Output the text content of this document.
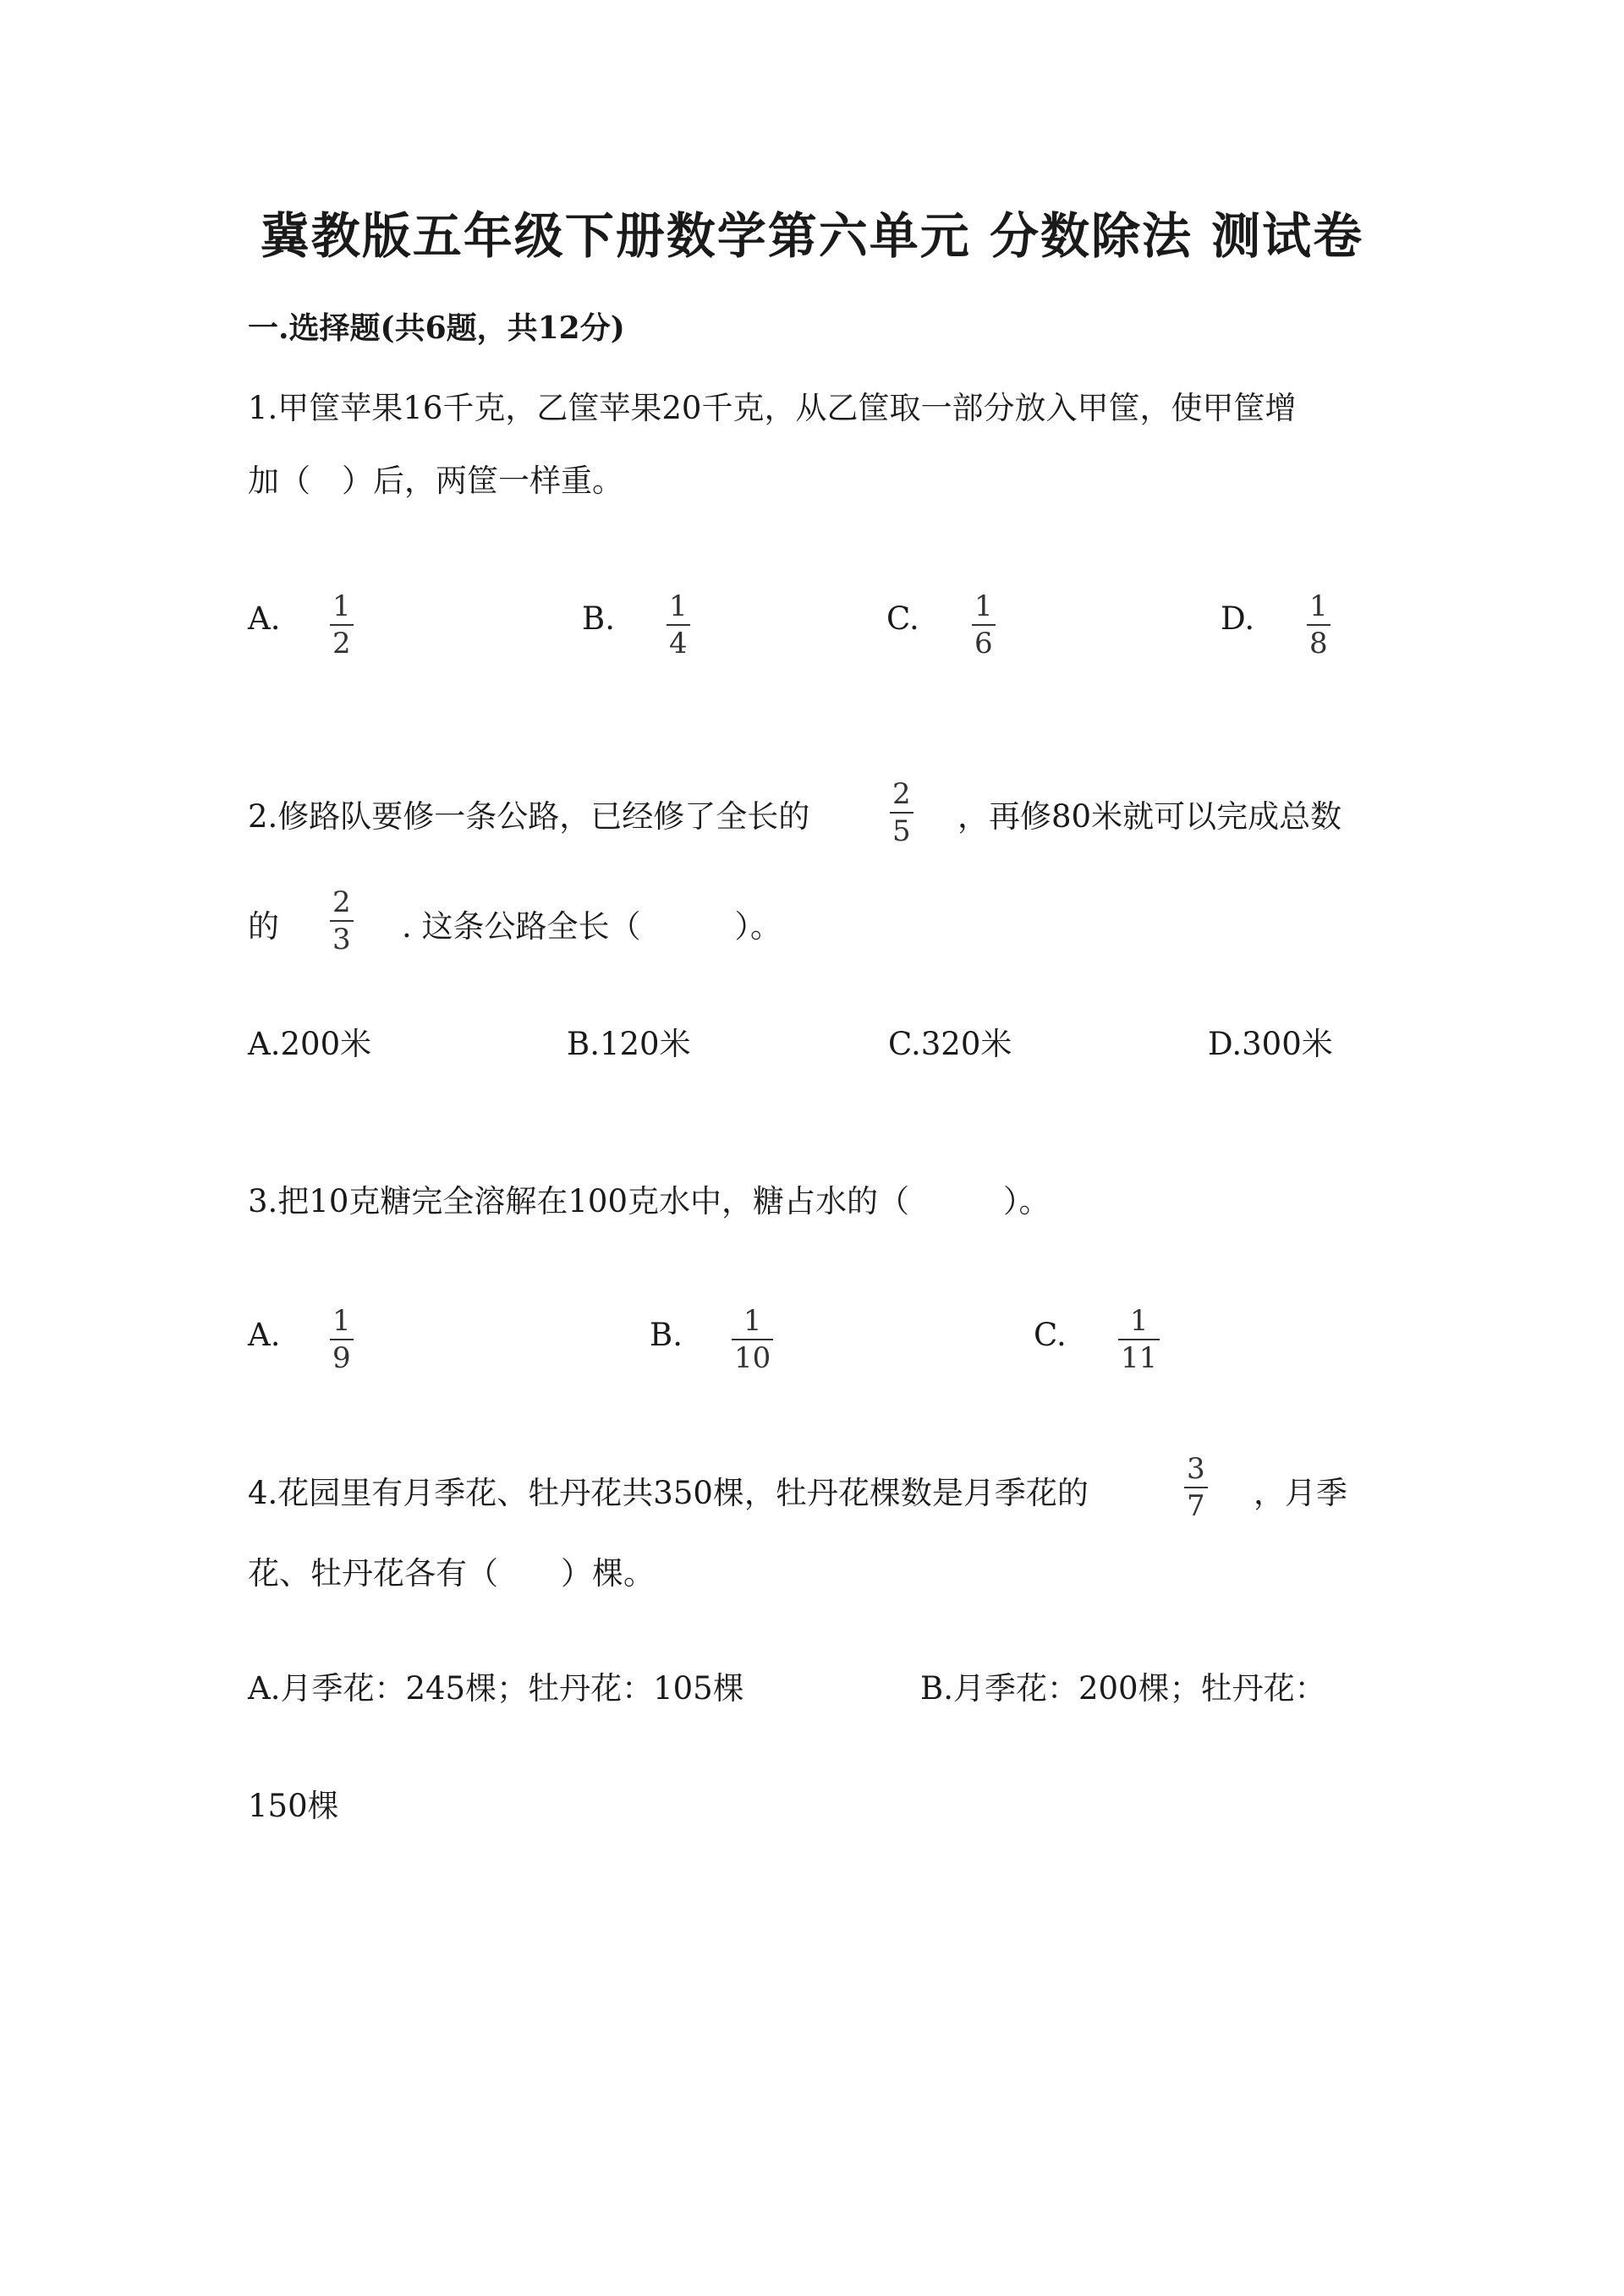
冀教版五年级下册数学第六单元 分数除法 测试卷
一.选择题(共6题，共12分)
1.甲筐苹果16千克，乙筐苹果20千克，从乙筐取一部分放入甲筐，使甲筐增
加（　）后，两筐一样重。
A. 1
2
B. 1
4
C. 1
6
D. 1
8
2.修路队要修一条公路，已经修了全长的
2
5 ，再修80米就可以完成总数
的
2
3 . 这条公路全长（　　　）。
A.200米	B.120米	C.320米	D.300米
3.把10克糖完全溶解在100克水中，糖占水的（　　　）。
A. 1
9
B. 1
10
C. 1
11
4.花园里有月季花、牡丹花共350棵，牡丹花棵数是月季花的
3
7 ，月季
花、牡丹花各有（　　）棵。
A.月季花：245棵；牡丹花：105棵	B.月季花：200棵；牡丹花：
150棵
